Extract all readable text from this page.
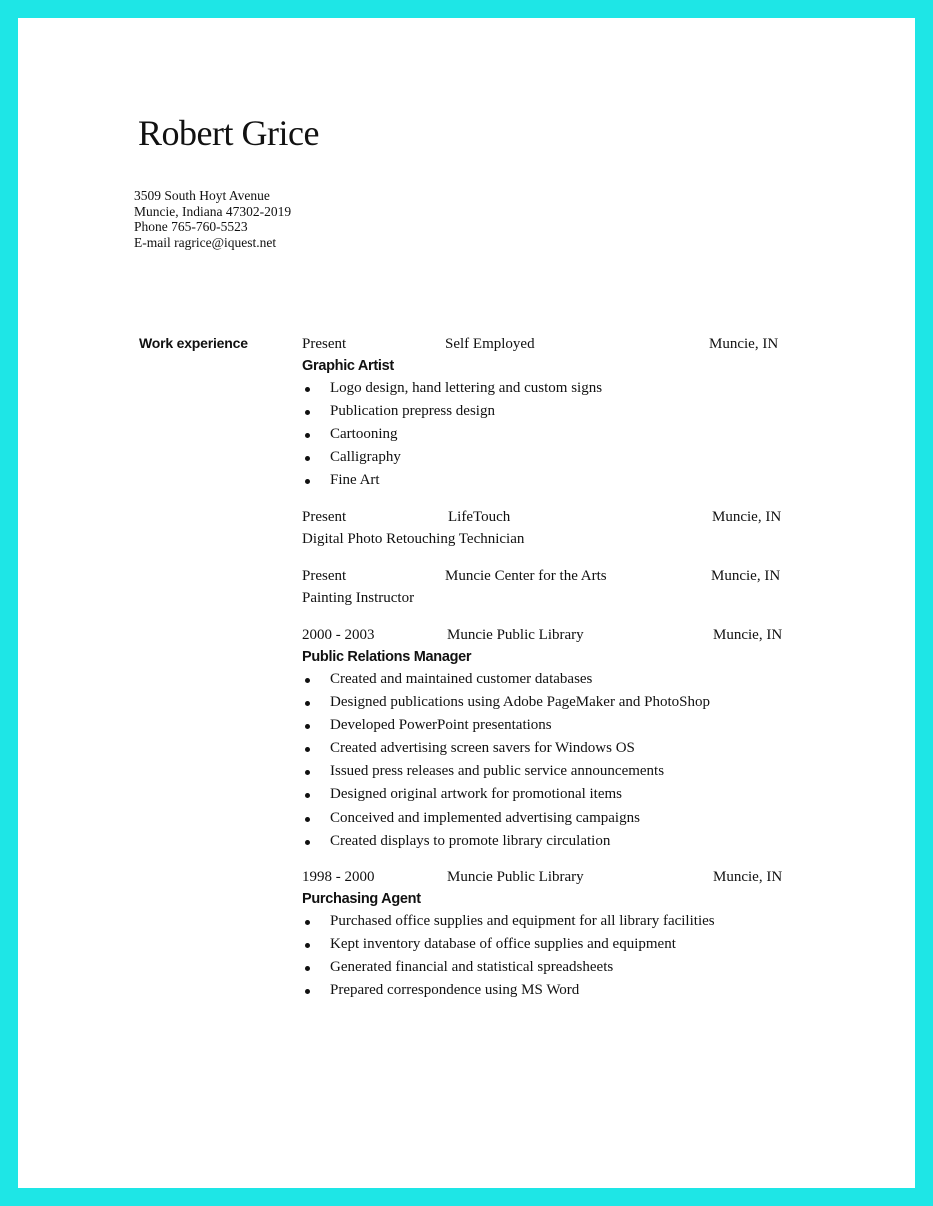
Robert Grice
3509 South Hoyt Avenue
Muncie, Indiana 47302-2019
Phone 765-760-5523
E-mail ragrice@iquest.net
Work experience	Present	Self Employed	Muncie, IN
Graphic Artist
Logo design, hand lettering and custom signs
Publication prepress design
Cartooning
Calligraphy
Fine Art
Present	LifeTouch	Muncie, IN
Digital Photo Retouching Technician
Present	Muncie Center for the Arts	Muncie, IN
Painting Instructor
2000 - 2003	Muncie Public Library	Muncie, IN
Public Relations Manager
Created and maintained customer databases
Designed publications using Adobe PageMaker and PhotoShop
Developed PowerPoint presentations
Created advertising screen savers for Windows OS
Issued press releases and public service announcements
Designed original artwork for promotional items
Conceived and implemented advertising campaigns
Created displays to promote library circulation
1998 - 2000	Muncie Public Library	Muncie, IN
Purchasing Agent
Purchased office supplies and equipment for all library facilities
Kept inventory database of office supplies and equipment
Generated financial and statistical spreadsheets
Prepared correspondence using MS Word
